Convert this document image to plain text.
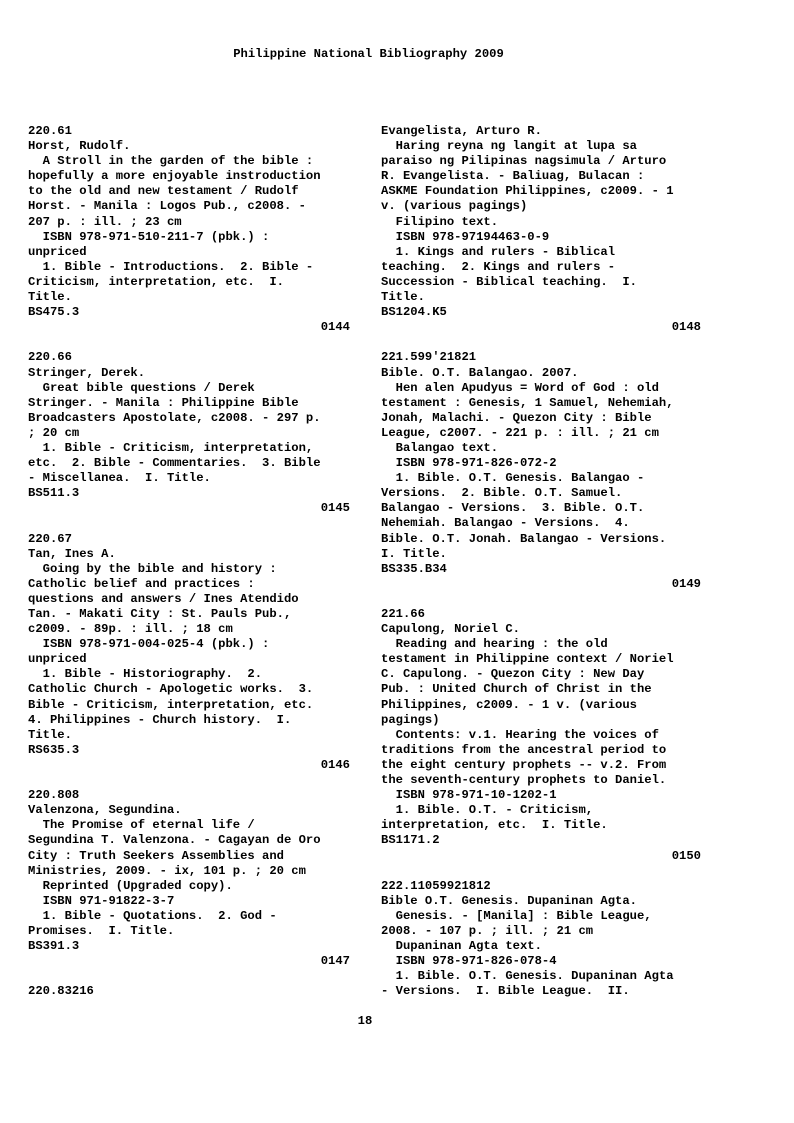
Philippine National Bibliography 2009
220.61
Horst, Rudolf.
A Stroll in the garden of the bible :
hopefully a more enjoyable instroduction
to the old and new testament / Rudolf
Horst. - Manila : Logos Pub., c2008. -
207 p. : ill. ; 23 cm
ISBN 978-971-510-211-7 (pbk.) :
unpriced
1. Bible - Introductions.  2. Bible -
Criticism, interpretation, etc.  I.
Title.
BS475.3
0144
220.66
Stringer, Derek.
Great bible questions / Derek
Stringer. - Manila : Philippine Bible
Broadcasters Apostolate, c2008. - 297 p.
; 20 cm
1. Bible - Criticism, interpretation,
etc.  2. Bible - Commentaries.  3. Bible
- Miscellanea.  I. Title.
BS511.3
0145
220.67
Tan, Ines A.
Going by the bible and history :
Catholic belief and practices :
questions and answers / Ines Atendido
Tan. - Makati City : St. Pauls Pub.,
c2009. - 89p. : ill. ; 18 cm
ISBN 978-971-004-025-4 (pbk.) :
unpriced
1. Bible - Historiography.  2.
Catholic Church - Apologetic works.  3.
Bible - Criticism, interpretation, etc.
4. Philippines - Church history.  I.
Title.
RS635.3
0146
220.808
Valenzona, Segundina.
The Promise of eternal life /
Segundina T. Valenzona. - Cagayan de Oro
City : Truth Seekers Assemblies and
Ministries, 2009. - ix, 101 p. ; 20 cm
Reprinted (Upgraded copy).
ISBN 971-91822-3-7
1. Bible - Quotations.  2. God -
Promises.  I. Title.
BS391.3
0147
220.83216
Evangelista, Arturo R.
Haring reyna ng langit at lupa sa
paraiso ng Pilipinas nagsimula / Arturo
R. Evangelista. - Baliuag, Bulacan :
ASKME Foundation Philippines, c2009. - 1
v. (various pagings)
Filipino text.
ISBN 978-97194463-0-9
1. Kings and rulers - Biblical
teaching.  2. Kings and rulers -
Succession - Biblical teaching.  I.
Title.
BS1204.K5
0148
221.599'21821
Bible. O.T. Balangao. 2007.
Hen alen Apudyus = Word of God : old
testament : Genesis, 1 Samuel, Nehemiah,
Jonah, Malachi. - Quezon City : Bible
League, c2007. - 221 p. : ill. ; 21 cm
Balangao text.
ISBN 978-971-826-072-2
1. Bible. O.T. Genesis. Balangao -
Versions.  2. Bible. O.T. Samuel.
Balangao - Versions.  3. Bible. O.T.
Nehemiah. Balangao - Versions.  4.
Bible. O.T. Jonah. Balangao - Versions.
I. Title.
BS335.B34
0149
221.66
Capulong, Noriel C.
Reading and hearing : the old
testament in Philippine context / Noriel
C. Capulong. - Quezon City : New Day
Pub. : United Church of Christ in the
Philippines, c2009. - 1 v. (various
pagings)
Contents: v.1. Hearing the voices of
traditions from the ancestral period to
the eight century prophets -- v.2. From
the seventh-century prophets to Daniel.
ISBN 978-971-10-1202-1
1. Bible. O.T. - Criticism,
interpretation, etc.  I. Title.
BS1171.2
0150
222.11059921812
Bible O.T. Genesis. Dupaninan Agta.
Genesis. - [Manila] : Bible League,
2008. - 107 p. ; ill. ; 21 cm
Dupaninan Agta text.
ISBN 978-971-826-078-4
1. Bible. O.T. Genesis. Dupaninan Agta
- Versions.  I. Bible League.  II.
18
